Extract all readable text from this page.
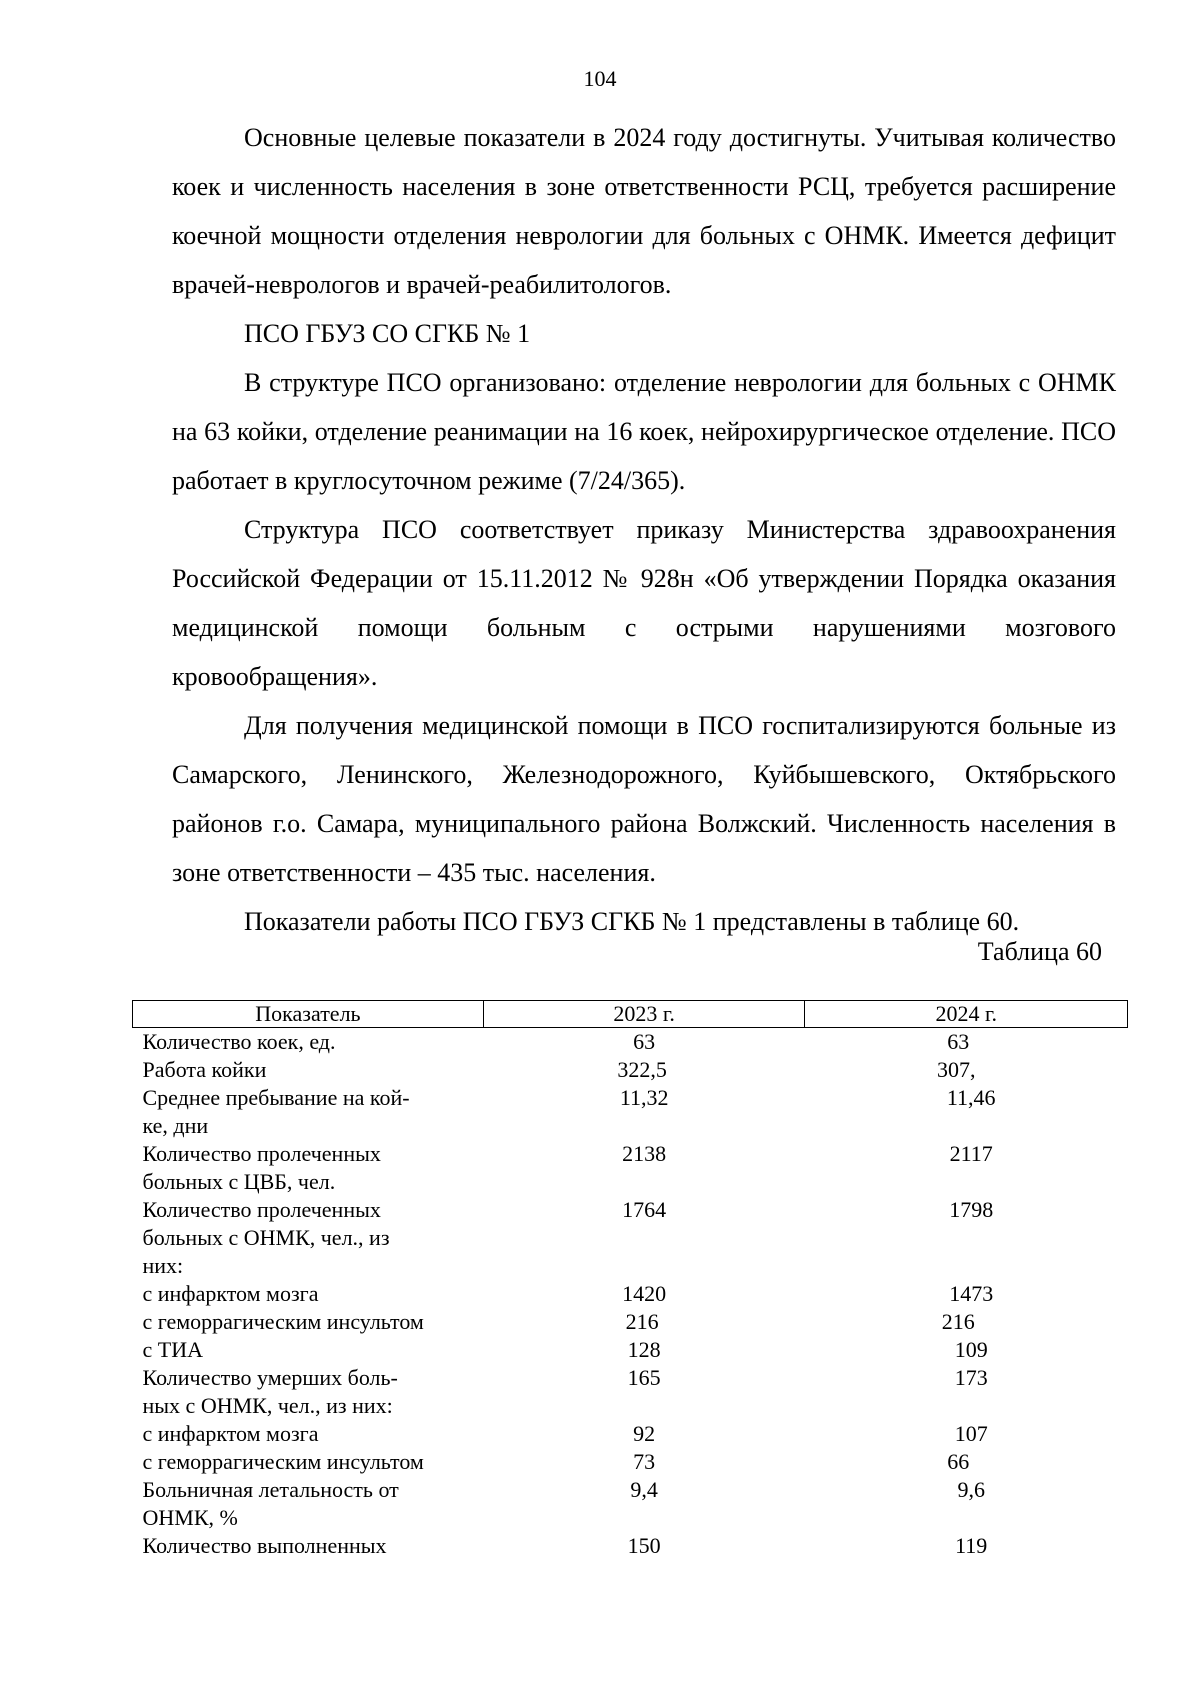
104

Основные целевые показатели в 2024 году достигнуты. Учитывая количество коек и численность населения в зоне ответственности РСЦ, требуется расширение коечной мощности отделения неврологии для больных с ОНМК. Имеется дефицит врачей-неврологов и врачей-реабилитологов.

ПСО ГБУЗ СО СГКБ № 1

В структуре ПСО организовано: отделение неврологии для больных с ОНМК на 63 койки, отделение реанимации на 16 коек, нейрохирургическое отделение. ПСО работает в круглосуточном режиме (7/24/365).

Структура ПСО соответствует приказу Министерства здравоохранения Российской Федерации от 15.11.2012 № 928н «Об утверждении Порядка оказания медицинской помощи больным с острыми нарушениями мозгового кровообращения».

Для получения медицинской помощи в ПСО госпитализируются больные из Самарского, Ленинского, Железнодорожного, Куйбышевского, Октябрьского районов г.о. Самара, муниципального района Волжский. Численность населения в зоне ответственности – 435 тыс. населения.

Показатели работы ПСО ГБУЗ СГКБ № 1 представлены в таблице 60.

Таблица 60
Показатель	2023 г.	2024 г.

Количество коек, ед.	63	63

Работа койки	322,5	307,

Среднее пребывание на кой-ке, дни	11,32	11,46

Количество пролеченных больных с ЦВБ, чел.	2138	2117

Количество пролеченных больных с ОНМК, чел., из них:	1764	1798

с инфарктом мозга	1420	1473

с геморрагическим инсультом	216	216

с ТИА	128	109

Количество умерших боль-ных с ОНМК, чел., из них:	165	173

с инфарктом мозга	92	107

с геморрагическим инсультом	73	66

Больничная летальность от ОНМК, %	9,4	9,6

Количество выполненных	150	119
